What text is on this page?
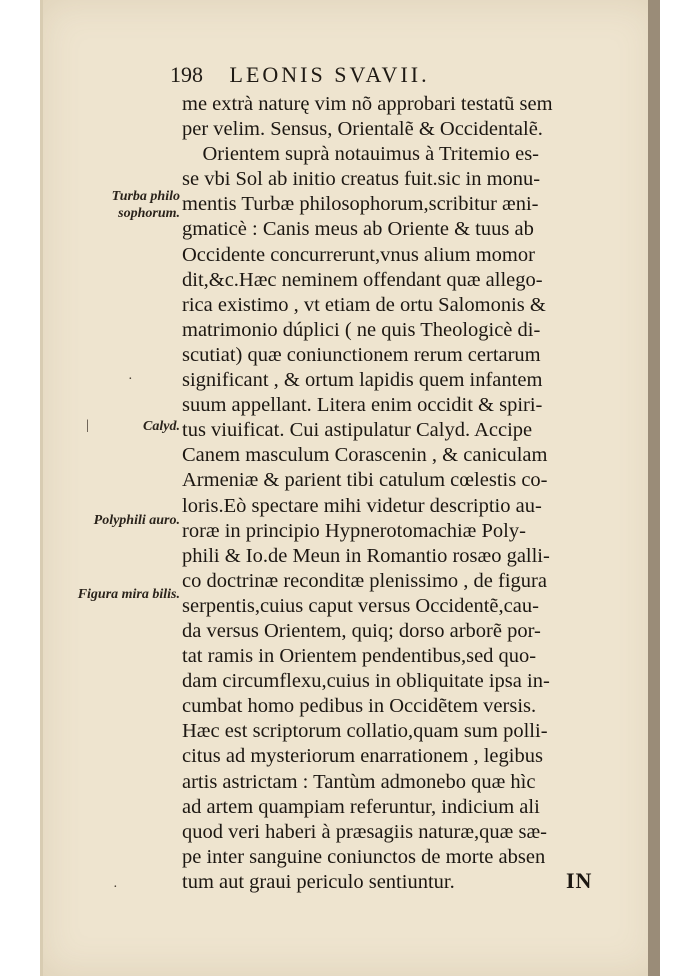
198 LEONIS SVAVII.
me extrà naturę vim nõ approbari testatũ sem
per velim. Sensus, Orientalẽ & Occidentalẽ.
Orientem suprà notauimus à Tritemio es-
se vbi Sol ab initio creatus fuit.sic in monu-
mentis Turbæ philosophorum,scribitur æni-
gmaticè : Canis meus ab Oriente & tuus ab
Occidente concurrerunt,vnus alium momor
dit,&c.Hæc neminem offendant quæ allego-
rica existimo , vt etiam de ortu Salomonis &
matrimonio dúplici ( ne quis Theologicè di-
scutiat) quæ coniunctionem rerum certarum
significant , & ortum lapidis quem infantem
suum appellant. Litera enim occidit & spiri-
tus viuificat. Cui astipulatur Calyd. Accipe
Canem masculum Corascenin , & caniculam
Armeniæ & parient tibi catulum cœlestis co-
loris.Eò spectare mihi videtur descriptio au-
roræ in principio Hypnerotomachiæ Poly-
phili & Io.de Meun in Romantio rosæo galli-
co doctrinæ reconditæ plenissimo , de figura
serpentis,cuius caput versus Occidentẽ,cau-
da versus Orientem, quiq; dorso arborẽ por-
tat ramis in Orientem pendentibus,sed quo-
dam circumflexu,cuius in obliquitate ipsa in-
cumbat homo pedibus in Occidẽtem versis.
Hæc est scriptorum collatio,quam sum polli-
citus ad mysteriorum enarrationem , legibus
artis astrictam : Tantùm admonebo quæ hìc
ad artem quampiam referuntur, indicium ali
quod veri haberi à præsagiis naturæ,quæ sæ-
pe inter sanguine coniunctos de morte absen
tum aut graui periculo sentiuntur.
Turba philo sophorum.
Calyd.
Polyphili auro.
Figura mira bilis.
IN
|
·
·
